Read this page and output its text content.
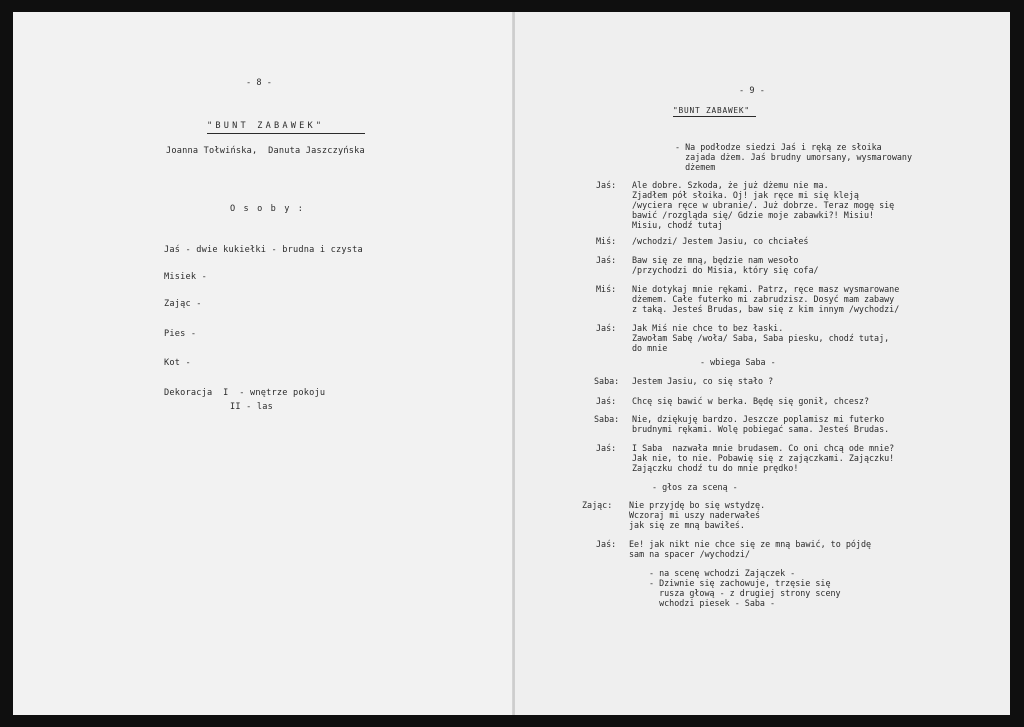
- 8 -
"BUNT ZABAWEK"
Joanna Tołwińska,  Danuta Jaszczyńska
O s o b y :
Jaś - dwie kukiełki - brudna i czysta
Misiek -
Zając -
Pies -
Kot -
Dekoracja  I  - wnętrze pokoju
II - las
- 9 -
"BUNT ZABAWEK"
- Na podłodze siedzi Jaś i ręką ze słoika
zajada dżem. Jaś brudny umorsany, wysmarowany
dżemem
Jaś: Ale dobre. Szkoda, że już dżemu nie ma.
Zjadłem pół słoika. Oj! jak ręce mi się kleją
/wyciera ręce w ubranie/. Już dobrze. Teraz mogę się
bawić /rozgląda się/ Gdzie moje zabawki?! Misiu!
Misiu, chodź tutaj
Miś: /wchodzi/ Jestem Jasiu, co chciałeś
Jaś: Baw się ze mną, będzie nam wesoło
/przychodzi do Misia, który się cofa/
Miś: Nie dotykaj mnie rękami. Patrz, ręce masz wysmarowane
dżemem. Całe futerko mi zabrudzisz. Dosyć mam zabawy
z taką. Jesteś Brudas, baw się z kim innym /wychodzi/
Jaś: Jak Miś nie chce to bez łaski.
Zawołam Sabę /woła/ Saba, Saba piesku, chodź tutaj,
do mnie
- wbiega Saba -
Saba: Jestem Jasiu, co się stało ?
Jaś: Chcę się bawić w berka. Będę się gonił, chcesz?
Saba: Nie, dziękuję bardzo. Jeszcze poplamisz mi futerko
brudnymi rękami. Wolę pobiegać sama. Jesteś Brudas.
Jaś: I Saba  nazwała mnie brudasem. Co oni chcą ode mnie?
Jak nie, to nie. Pobawię się z zajączkami. Zajączku!
Zajączku chodź tu do mnie prędko!
- głos za sceną -
Zając: Nie przyjdę bo się wstydzę.
Wczoraj mi uszy naderwałeś
jak się ze mną bawiłeś.
Jaś: Ee! jak nikt nie chce się ze mną bawić, to pójdę
sam na spacer /wychodzi/
- na scenę wchodzi Zajączek -
- Dziwnie się zachowuje, trzęsie się
rusza głową - z drugiej strony sceny
wchodzi piesek - Saba -
